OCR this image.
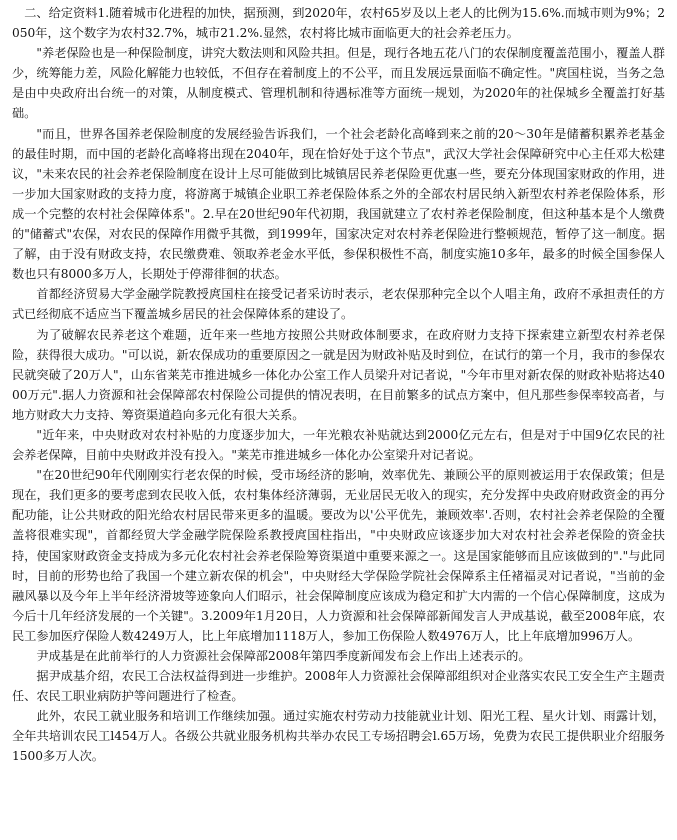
二、给定资料1.随着城市化进程的加快，据预测，到2020年，农村65岁及以上老人的比例为15.6%.而城市则为9%；2050年，这个数字为农村32.7%，城市21.2%.显然，农村将比城市面临更大的社会养老压力。

"养老保险也是一种保险制度，讲究大数法则和风险共担。但是，现行各地五花八门的农保制度覆盖范围小，覆盖人群少，统筹能力差，风险化解能力也较低，不但存在着制度上的不公平，而且发展远景面临不确定性。"庹国柱说，当务之急是由中央政府出台统一的对策，从制度模式、管理机制和待遇标准等方面统一规划，为2020年的社保城乡全覆盖打好基础。

"而且，世界各国养老保险制度的发展经验告诉我们，一个社会老龄化高峰到来之前的20～30年是储蓄积累养老基金的最佳时期，而中国的老龄化高峰将出现在2040年，现在恰好处于这个节点"，武汉大学社会保障研究中心主任邓大松建议，"未来农民的社会养老保险制度在设计上尽可能做到比城镇居民养老保险更优惠一些，要充分体现国家财政的作用，进一步加大国家财政的支持力度，将游离于城镇企业职工养老保险体系之外的全部农村居民纳入新型农村养老保险体系，形成一个完整的农村社会保障体系"。2.早在20世纪90年代初期，我国就建立了农村养老保险制度，但这种基本是个人缴费的"储蓄式"农保，对农民的保障作用微乎其微，到1999年，国家决定对农村养老保险进行整顿规范，暂停了这一制度。据了解，由于没有财政支持，农民缴费难、领取养老金水平低，参保积极性不高，制度实施10多年，最多的时候全国参保人数也只有8000多万人，长期处于停滞徘徊的状态。

首都经济贸易大学金融学院教授庹国柱在接受记者采访时表示，老农保那种完全以个人唱主角，政府不承担责任的方式已经彻底不适应当下覆盖城乡居民的社会保障体系的建设了。

为了破解农民养老这个难题，近年来一些地方按照公共财政体制要求，在政府财力支持下探索建立新型农村养老保险，获得很大成功。"可以说，新农保成功的重要原因之一就是因为财政补贴及时到位，在试行的第一个月，我市的参保农民就突破了20万人"，山东省莱芜市推进城乡一体化办公室工作人员梁升对记者说，"今年市里对新农保的财政补贴将达4000万元".据人力资源和社会保障部农村保险公司提供的情况表明，在目前繁多的试点方案中，但凡那些参保率较高者，与地方财政大力支持、筹资渠道趋向多元化有很大关系。

"近年来，中央财政对农村补贴的力度逐步加大，一年光粮农补贴就达到2000亿元左右，但是对于中国9亿农民的社会养老保障，目前中央财政并没有投入。"莱芜市推进城乡一体化办公室梁升对记者说。

"在20世纪90年代刚刚实行老农保的时候，受市场经济的影响，效率优先、兼顾公平的原则被运用于农保政策；但是现在，我们更多的要考虑到农民收入低，农村集体经济薄弱，无业居民无收入的现实，充分发挥中央政府财政资金的再分配功能，让公共财政的阳光给农村居民带来更多的温暖。要改为以'公平优先，兼顾效率'.否则，农村社会养老保险的全覆盖将很难实现"，首都经贸大学金融学院保险系教授庹国柱指出，"中央财政应该逐步加大对农村社会养老保险的资金扶持，使国家财政资金支持成为多元化农村社会养老保险筹资渠道中重要来源之一。这是国家能够而且应该做到的"."与此同时，目前的形势也给了我国一个建立新农保的机会"，中央财经大学保险学院社会保障系主任褚福灵对记者说，"当前的金融风暴以及今年上半年经济滑坡等迹象向人们昭示，社会保障制度应该成为稳定和扩大内需的一个信心保障制度，这成为今后十几年经济发展的一个关键"。3.2009年1月20日，人力资源和社会保障部新闻发言人尹成基说，截至2008年底，农民工参加医疗保险人数4249万人，比上年底增加1118万人，参加工伤保险人数4976万人，比上年底增加996万人。

尹成基是在此前举行的人力资源社会保障部2008年第四季度新闻发布会上作出上述表示的。

据尹成基介绍，农民工合法权益得到进一步维护。2008年人力资源社会保障部组织对企业落实农民工安全生产主题责任、农民工职业病防护等问题进行了检查。

此外，农民工就业服务和培训工作继续加强。通过实施农村劳动力技能就业计划、阳光工程、星火计划、雨露计划，全年共培训农民工l454万人。各级公共就业服务机构共举办农民工专场招聘会l.65万场，免费为农民工提供职业介绍服务1500多万人次。
